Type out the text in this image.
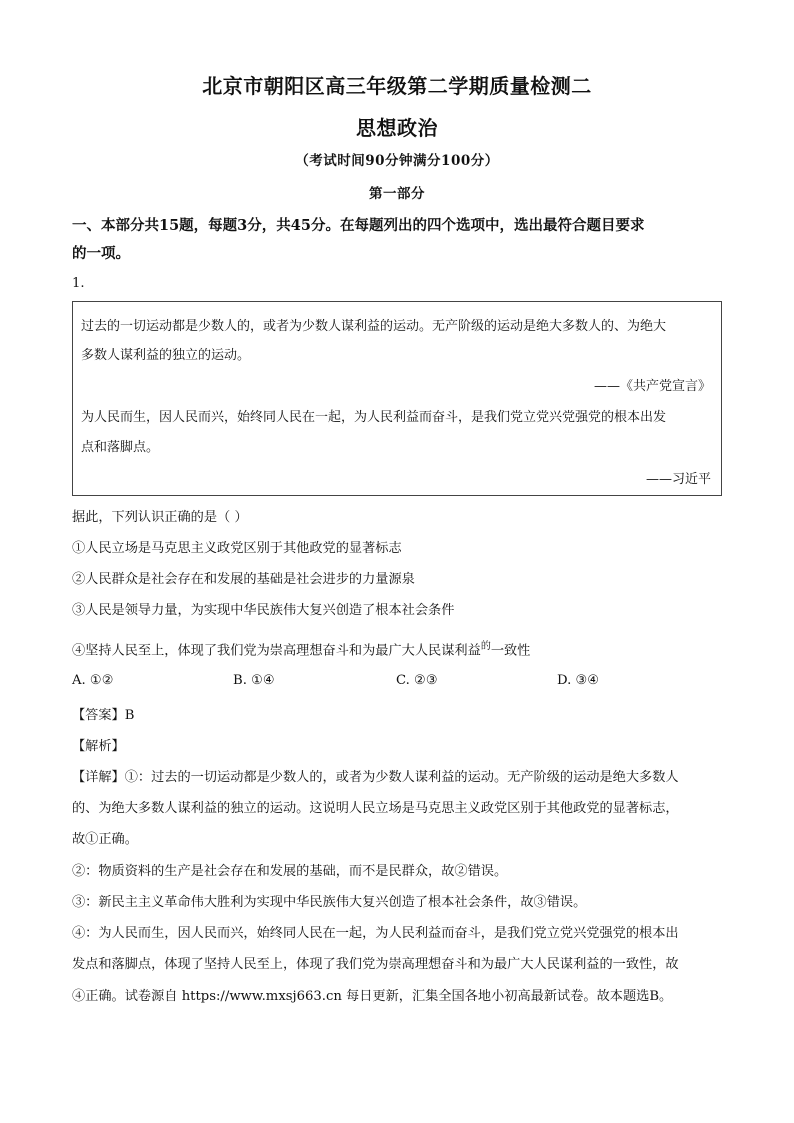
北京市朝阳区高三年级第二学期质量检测二
思想政治
（考试时间90分钟满分100分）
第一部分
一、本部分共15题，每题3分，共45分。在每题列出的四个选项中，选出最符合题目要求
的一项。
1.
过去的一切运动都是少数人的，或者为少数人谋利益的运动。无产阶级的运动是绝大多数人的、为绝大
多数人谋利益的独立的运动。
——《共产党宣言》
为人民而生，因人民而兴，始终同人民在一起，为人民利益而奋斗，是我们党立党兴党强党的根本出发
点和落脚点。
——习近平
据此，下列认识正确的是（ ）
①人民立场是马克思主义政党区别于其他政党的显著标志
②人民群众是社会存在和发展的基础是社会进步的力量源泉
③人民是领导力量，为实现中华民族伟大复兴创造了根本社会条件
④坚持人民至上，体现了我们党为崇高理想奋斗和为最广大人民谋利益$^的$一致性
A. ①②	B. ①④	C. ②③	D. ③④
【答案】B
【解析】
【详解】①：过去的一切运动都是少数人的，或者为少数人谋利益的运动。无产阶级的运动是绝大多数人
的、为绝大多数人谋利益的独立的运动。这说明人民立场是马克思主义政党区别于其他政党的显著标志，
故①正确。
②：物质资料的生产是社会存在和发展的基础，而不是民群众，故②错误。
③：新民主主义革命伟大胜利为实现中华民族伟大复兴创造了根本社会条件，故③错误。
④：为人民而生，因人民而兴，始终同人民在一起，为人民利益而奋斗，是我们党立党兴党强党的根本出
发点和落脚点，体现了坚持人民至上，体现了我们党为崇高理想奋斗和为最广大人民谋利益的一致性，故
④正确。试卷源自 https://www.mxsj663.cn 每日更新，汇集全国各地小初高最新试卷。故本题选B。
